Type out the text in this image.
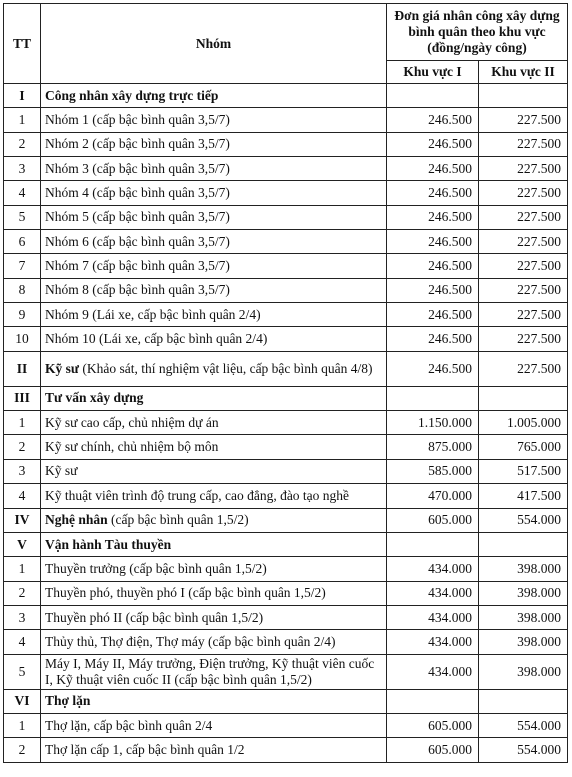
TT	Nhóm	Đơn giá nhân công xây dựng bình quân theo khu vực (đồng/ngày công)	
		Khu vực I	Khu vực II
I	Công nhân xây dựng trực tiếp		
1	Nhóm 1 (cấp bậc bình quân 3,5/7)	246.500	227.500
2	Nhóm 2 (cấp bậc bình quân 3,5/7)	246.500	227.500
3	Nhóm 3 (cấp bậc bình quân 3,5/7)	246.500	227.500
4	Nhóm 4 (cấp bậc bình quân 3,5/7)	246.500	227.500
5	Nhóm 5 (cấp bậc bình quân 3,5/7)	246.500	227.500
6	Nhóm 6 (cấp bậc bình quân 3,5/7)	246.500	227.500
7	Nhóm 7 (cấp bậc bình quân 3,5/7)	246.500	227.500
8	Nhóm 8 (cấp bậc bình quân 3,5/7)	246.500	227.500
9	Nhóm 9 (Lái xe, cấp bậc bình quân 2/4)	246.500	227.500
10	Nhóm 10 (Lái xe, cấp bậc bình quân 2/4)	246.500	227.500
II	Kỹ sư (Khảo sát, thí nghiệm vật liệu, cấp bậc bình quân 4/8)	246.500	227.500
III	Tư vấn xây dựng		
1	Kỹ sư cao cấp, chủ nhiệm dự án	1.150.000	1.005.000
2	Kỹ sư chính, chủ nhiệm bộ môn	875.000	765.000
3	Kỹ sư	585.000	517.500
4	Kỹ thuật viên trình độ trung cấp, cao đẳng, đào tạo nghề	470.000	417.500
IV	Nghệ nhân (cấp bậc bình quân 1,5/2)	605.000	554.000
V	Vận hành Tàu thuyền		
1	Thuyền trưởng (cấp bậc bình quân 1,5/2)	434.000	398.000
2	Thuyền phó, thuyền phó I (cấp bậc bình quân 1,5/2)	434.000	398.000
3	Thuyền phó II (cấp bậc bình quân 1,5/2)	434.000	398.000
4	Thủy thủ, Thợ điện, Thợ máy (cấp bậc bình quân 2/4)	434.000	398.000
5	Máy I, Máy II, Máy trưởng, Điện trưởng, Kỹ thuật viên cuốc I, Kỹ thuật viên cuốc II (cấp bậc bình quân 1,5/2)	434.000	398.000
VI	Thợ lặn		
1	Thợ lặn, cấp bậc bình quân 2/4	605.000	554.000
2	Thợ lặn cấp 1, cấp bậc bình quân 1/2	605.000	554.000
